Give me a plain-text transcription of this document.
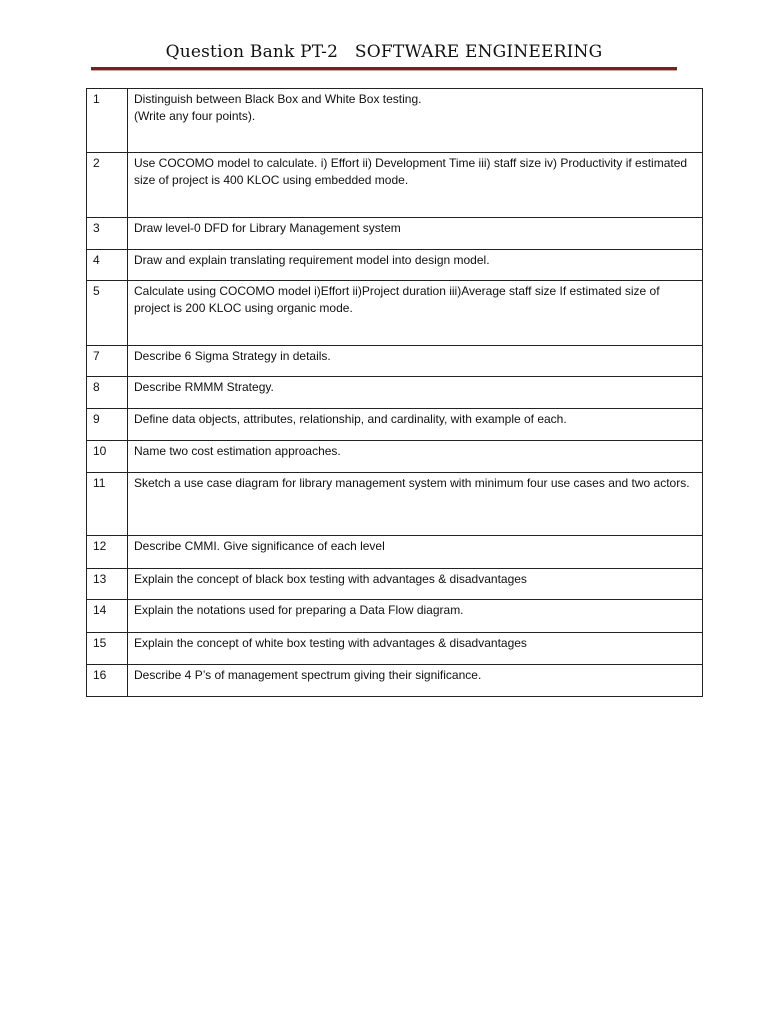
Question Bank PT-2   SOFTWARE ENGINEERING
1	Distinguish between Black Box and White Box testing.
(Write any four points).

2	Use COCOMO model to calculate. i) Effort ii) Development Time iii) staff size iv) Productivity if estimated size of project is 400 KLOC using embedded mode.
3	Draw level-0 DFD for Library Management system
4	Draw and explain translating requirement model into design model.
5	Calculate using COCOMO model i)Effort ii)Project duration iii)Average staff size If estimated size of project is 200 KLOC using organic mode.
7	Describe 6 Sigma Strategy in details.
8	Describe RMMM Strategy.
9	Define data objects, attributes, relationship, and cardinality, with example of each.
10	Name two cost estimation approaches.
11	Sketch a use case diagram for library management system with minimum four use cases and two actors.
12	Describe CMMI. Give significance of each level
13	Explain the concept of black box testing with advantages & disadvantages
14	Explain the notations used for preparing a Data Flow diagram.
15	Explain the concept of white box testing with advantages & disadvantages
16	Describe 4 P’s of management spectrum giving their significance.
